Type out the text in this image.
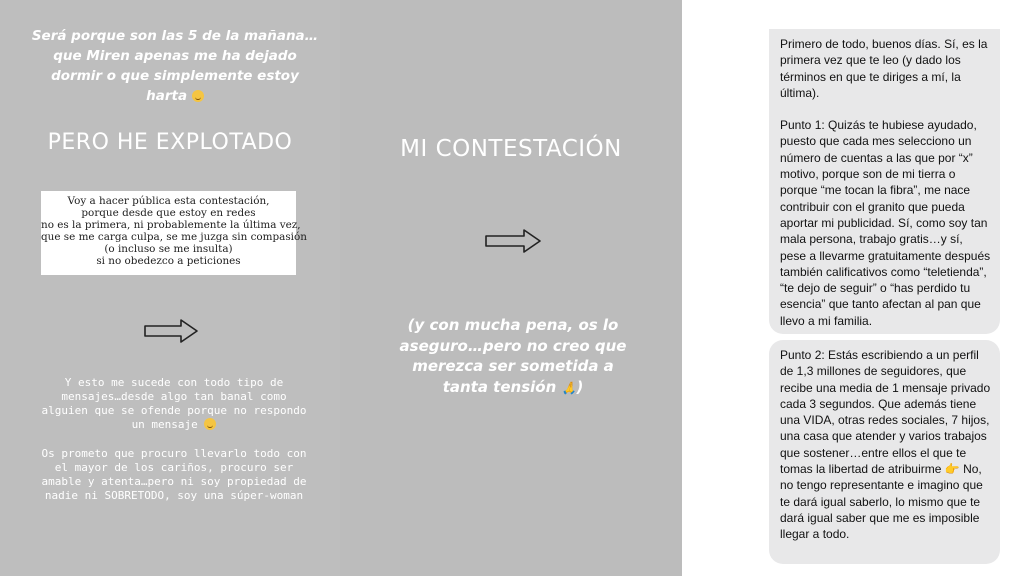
Será porque son las 5 de la mañana…que Miren apenas me ha dejado dormir o que simplemente estoy harta
PERO HE EXPLOTADO	MI CONTESTACIÓN
Voy a hacer pública esta contestación,
porque desde que estoy en redes
no es la primera, ni probablemente la última vez,
que se me carga culpa, se me juzga sin compasión
(o incluso se me insulta)
si no obedezco a peticiones
Y esto me sucede con todo tipo de mensajes…desde algo tan banal como alguien que se ofende porque no respondo un mensaje
Os prometo que procuro llevarlo todo con el mayor de los cariños, procuro ser amable y atenta…pero ni soy propiedad de nadie ni SOBRETODO, soy una súper-woman
(y con mucha pena, os lo aseguro…pero no creo que merezca ser sometida a tanta tensión 🙏)

Primero de todo, buenos días. Sí, es la primera vez que te leo (y dado los términos en que te diriges a mí, la última).

Punto 1: Quizás te hubiese ayudado, puesto que cada mes selecciono un número de cuentas a las que por “x” motivo, porque son de mi tierra o porque “me tocan la fibra”, me nace contribuir con el granito que pueda aportar mi publicidad. Sí, como soy tan mala persona, trabajo gratis…y sí, pese a llevarme gratuitamente después también calificativos como “teletienda”, “te dejo de seguir” o “has perdido tu esencia” que tanto afectan al pan que llevo a mi familia.

Punto 2: Estás escribiendo a un perfil de 1,3 millones de seguidores, que recibe una media de 1 mensaje privado cada 3 segundos. Que además tiene una VIDA, otras redes sociales, 7 hijos, una casa que atender y varios trabajos que sostener…entre ellos el que te tomas la libertad de atribuirme 👉 No, no tengo representante e imagino que te dará igual saberlo, lo mismo que te dará igual saber que me es imposible llegar a todo.
